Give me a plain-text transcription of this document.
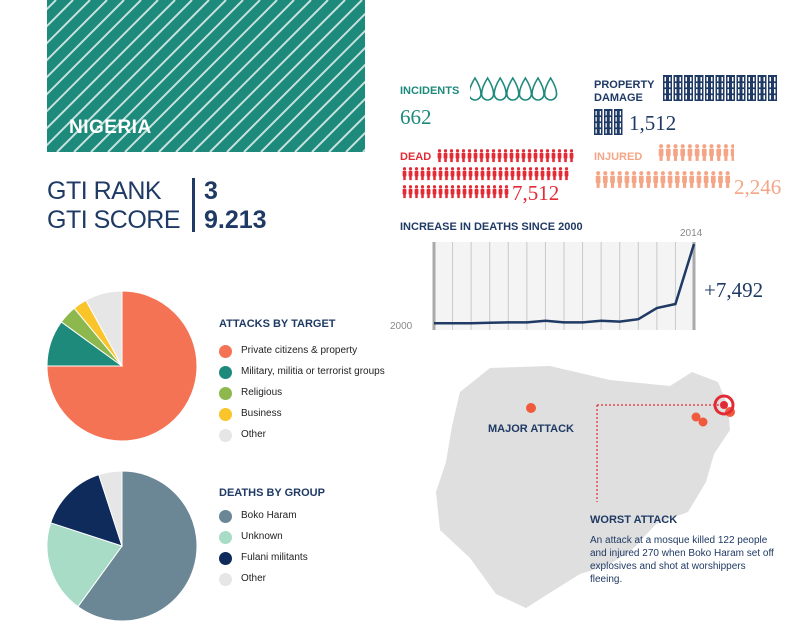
NIGERIA
GTI RANK
GTI SCORE
3
9.213
INCIDENTS
662
PROPERTY
DAMAGE
1,512
DEAD
7,512
INJURED
2,246
INCREASE IN DEATHS SINCE 2000
2014
2000
+7,492
ATTACKS BY TARGET
Private citizens & property
Military, militia or terrorist groups
Religious
Business
Other
DEATHS BY GROUP
Boko Haram
Unknown
Fulani militants
Other
MAJOR ATTACK
WORST ATTACK
An attack at a mosque killed 122 people and injured 270 when Boko Haram set off explosives and shot at worshippers fleeing.
